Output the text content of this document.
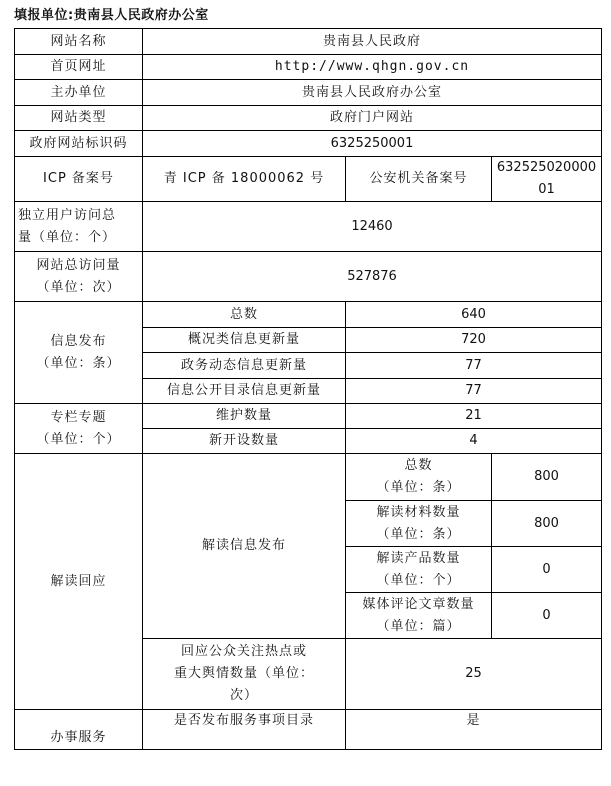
填报单位:贵南县人民政府办公室
网站名称	贵南县人民政府		
首页网址	http://www.qhgn.gov.cn		
主办单位	贵南县人民政府办公室		
网站类型	政府门户网站		
政府网站标识码	6325250001		
ICP 备案号	青 ICP 备 18000062 号	公安机关备案号	63252502000001

独立用户访问总
量（单位：个）	12460		

网站总访问量
（单位：次）	527876		

信息发布
（单位：条）	总数	640	
	概况类信息更新量	720	
	政务动态信息更新量	77	
	信息公开目录信息更新量	77	

专栏专题
（单位：个）	维护数量	21	
	新开设数量	4	
解读回应	解读信息发布	总数
（单位：条）	800

		解读材料数量
（单位：条）	800

		解读产品数量
（单位：个）	0

		媒体评论文章数量
（单位：篇）	0

	回应公众关注热点或
重大舆情数量（单位：
次）	25	
办事服务	是否发布服务事项目录	是	
